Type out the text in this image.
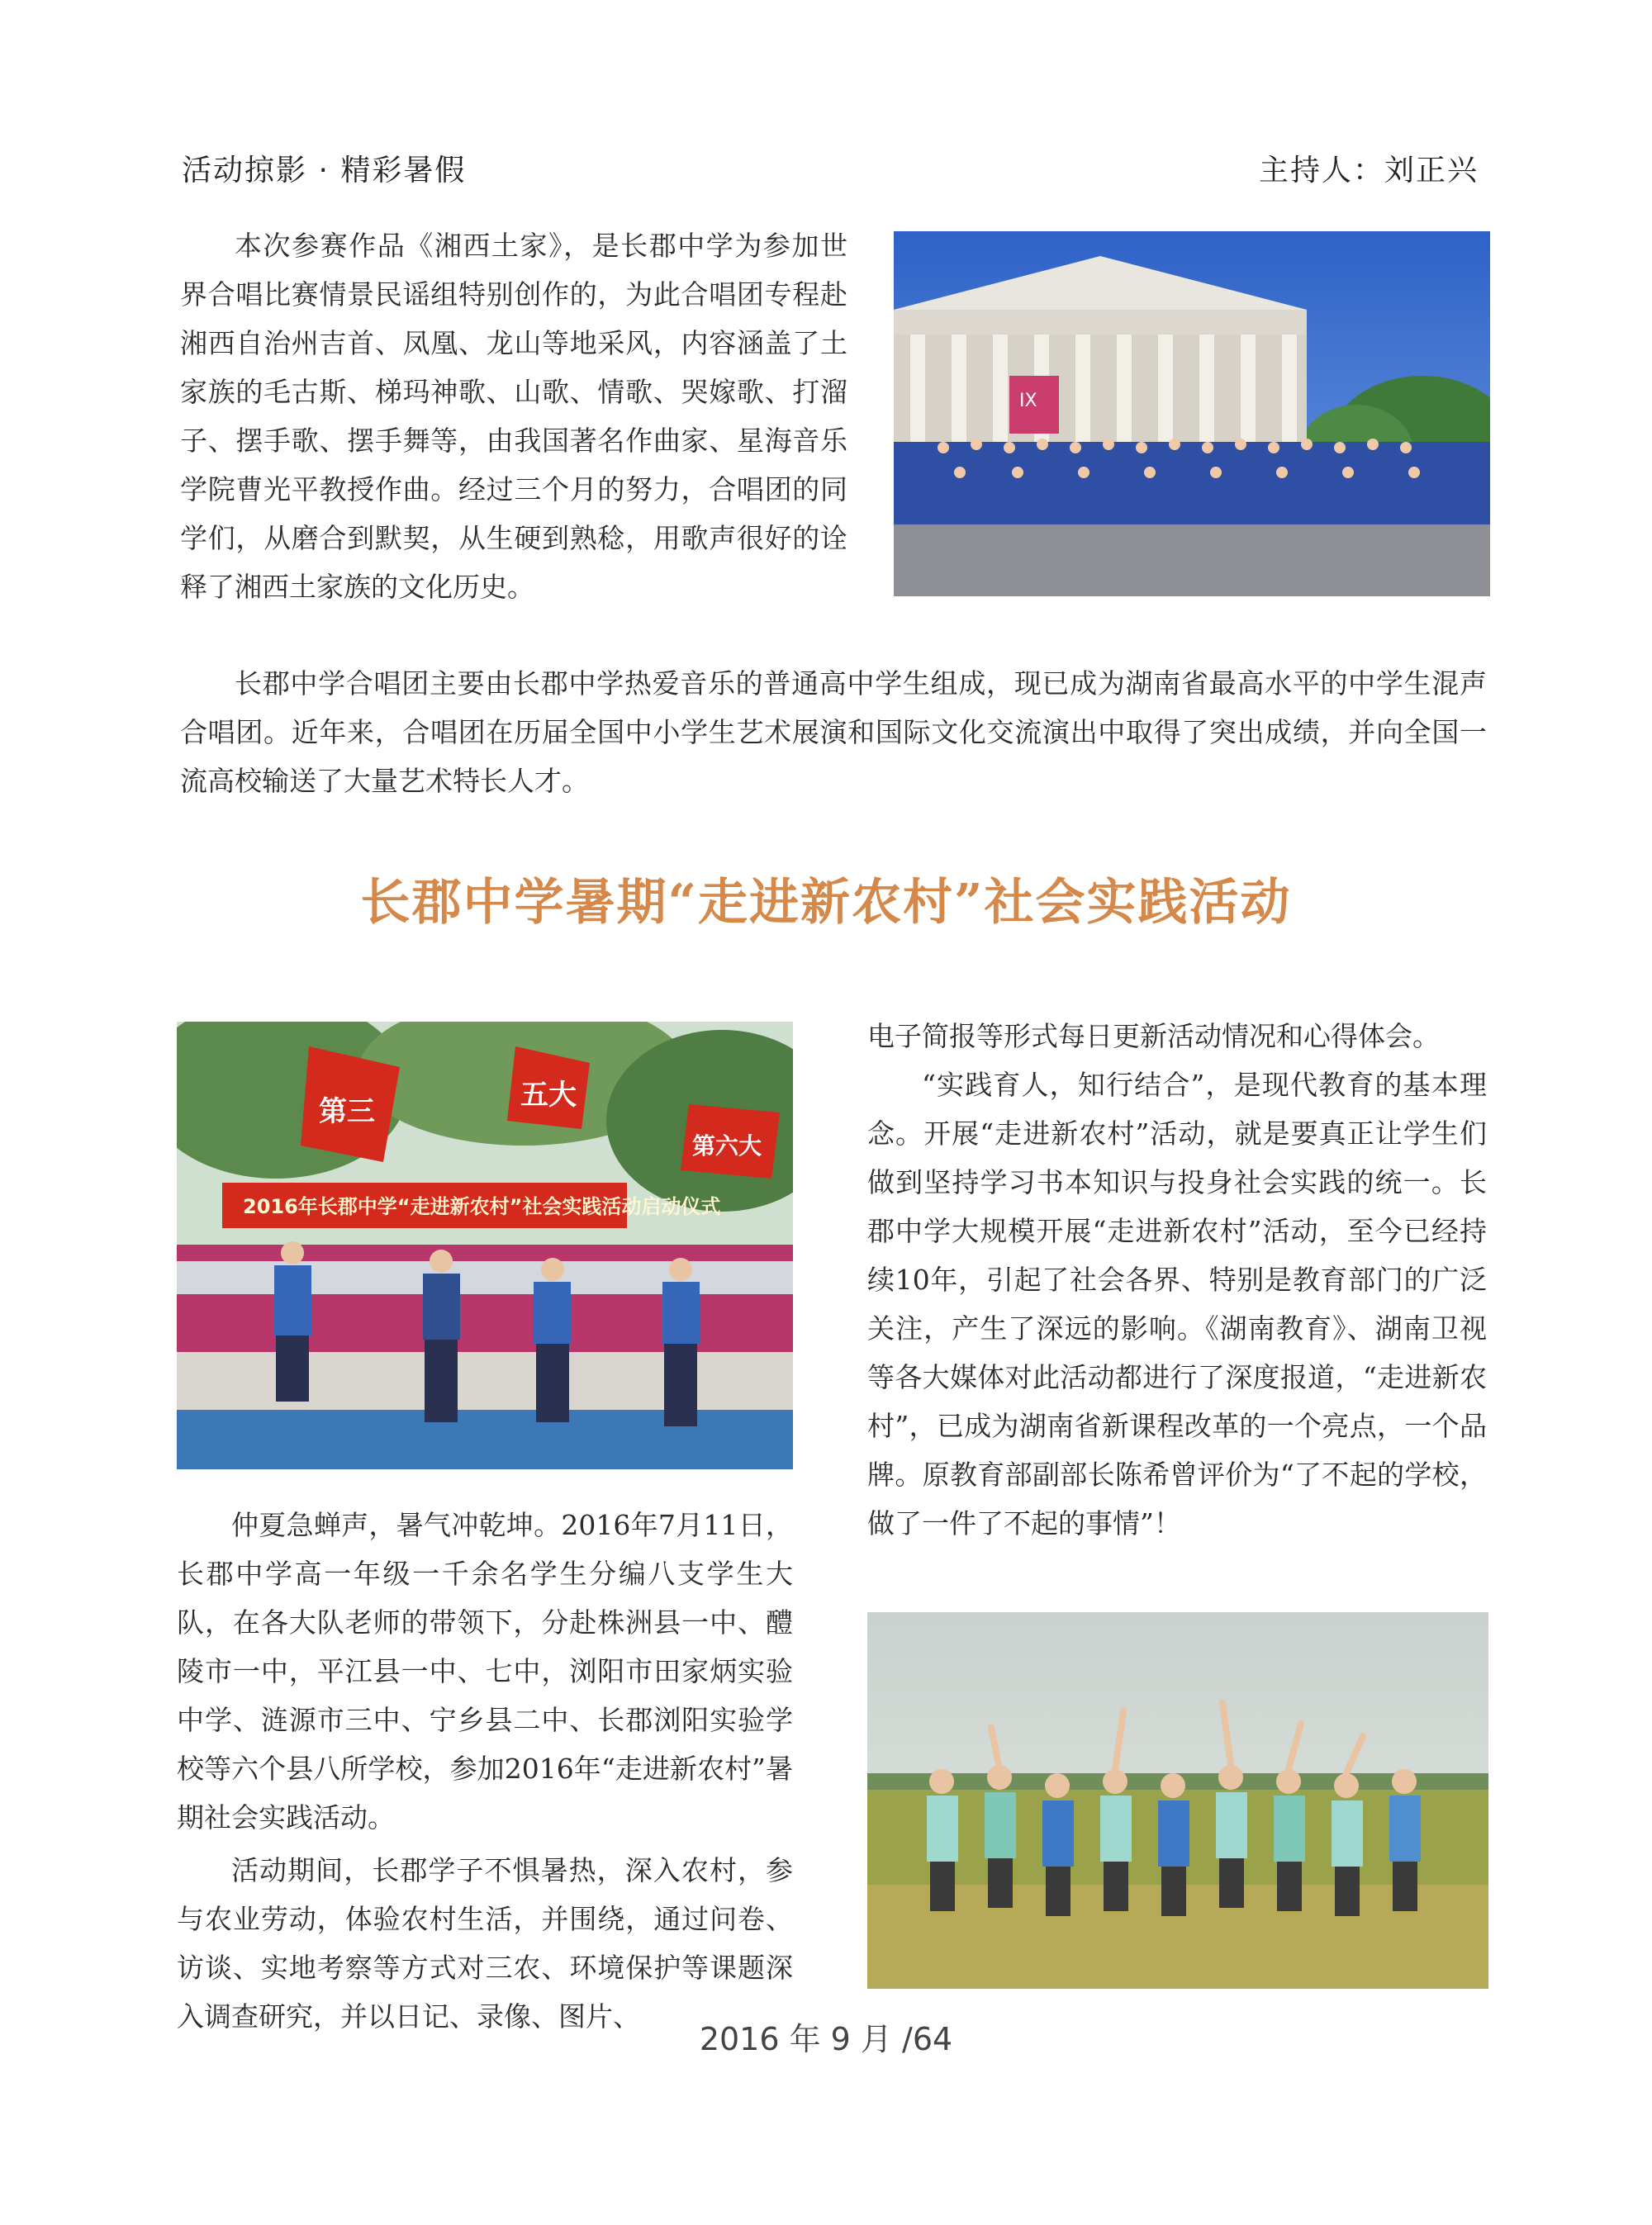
活动掠影 · 精彩暑假	主持人：刘正兴

本次参赛作品《湘西土家》，是长郡中学为参加世界合唱比赛情景民谣组特别创作的，为此合唱团专程赴湘西自治州吉首、凤凰、龙山等地采风，内容涵盖了土家族的毛古斯、梯玛神歌、山歌、情歌、哭嫁歌、打溜子、摆手歌、摆手舞等，由我国著名作曲家、星海音乐学院曹光平教授作曲。经过三个月的努力，合唱团的同学们，从磨合到默契，从生硬到熟稔，用歌声很好的诠释了湘西土家族的文化历史。

IX

长郡中学合唱团主要由长郡中学热爱音乐的普通高中学生组成，现已成为湖南省最高水平的中学生混声合唱团。近年来，合唱团在历届全国中小学生艺术展演和国际文化交流演出中取得了突出成绩，并向全国一流高校输送了大量艺术特长人才。

长郡中学暑期“走进新农村”社会实践活动
2016年长郡中学“走进新农村”社会实践活动启动仪式
第三	五大
第六大

仲夏急蝉声，暑气冲乾坤。2016年7月11日，长郡中学高一年级一千余名学生分编八支学生大队，在各大队老师的带领下，分赴株洲县一中、醴陵市一中，平江县一中、七中，浏阳市田家炳实验中学、涟源市三中、宁乡县二中、长郡浏阳实验学校等六个县八所学校，参加2016年“走进新农村”暑期社会实践活动。

活动期间，长郡学子不惧暑热，深入农村，参与农业劳动，体验农村生活，并围绕，通过问卷、访谈、实地考察等方式对三农、环境保护等课题深入调查研究，并以日记、录像、图片、

电子简报等形式每日更新活动情况和心得体会。

“实践育人，知行结合”，是现代教育的基本理念。开展“走进新农村”活动，就是要真正让学生们做到坚持学习书本知识与投身社会实践的统一。长郡中学大规模开展“走进新农村”活动，至今已经持续10年，引起了社会各界、特别是教育部门的广泛关注，产生了深远的影响。《湖南教育》、湖南卫视等各大媒体对此活动都进行了深度报道，“走进新农村”，已成为湖南省新课程改革的一个亮点，一个品牌。原教育部副部长陈希曾评价为“了不起的学校，做了一件了不起的事情”！

2016 年 9 月 /64
